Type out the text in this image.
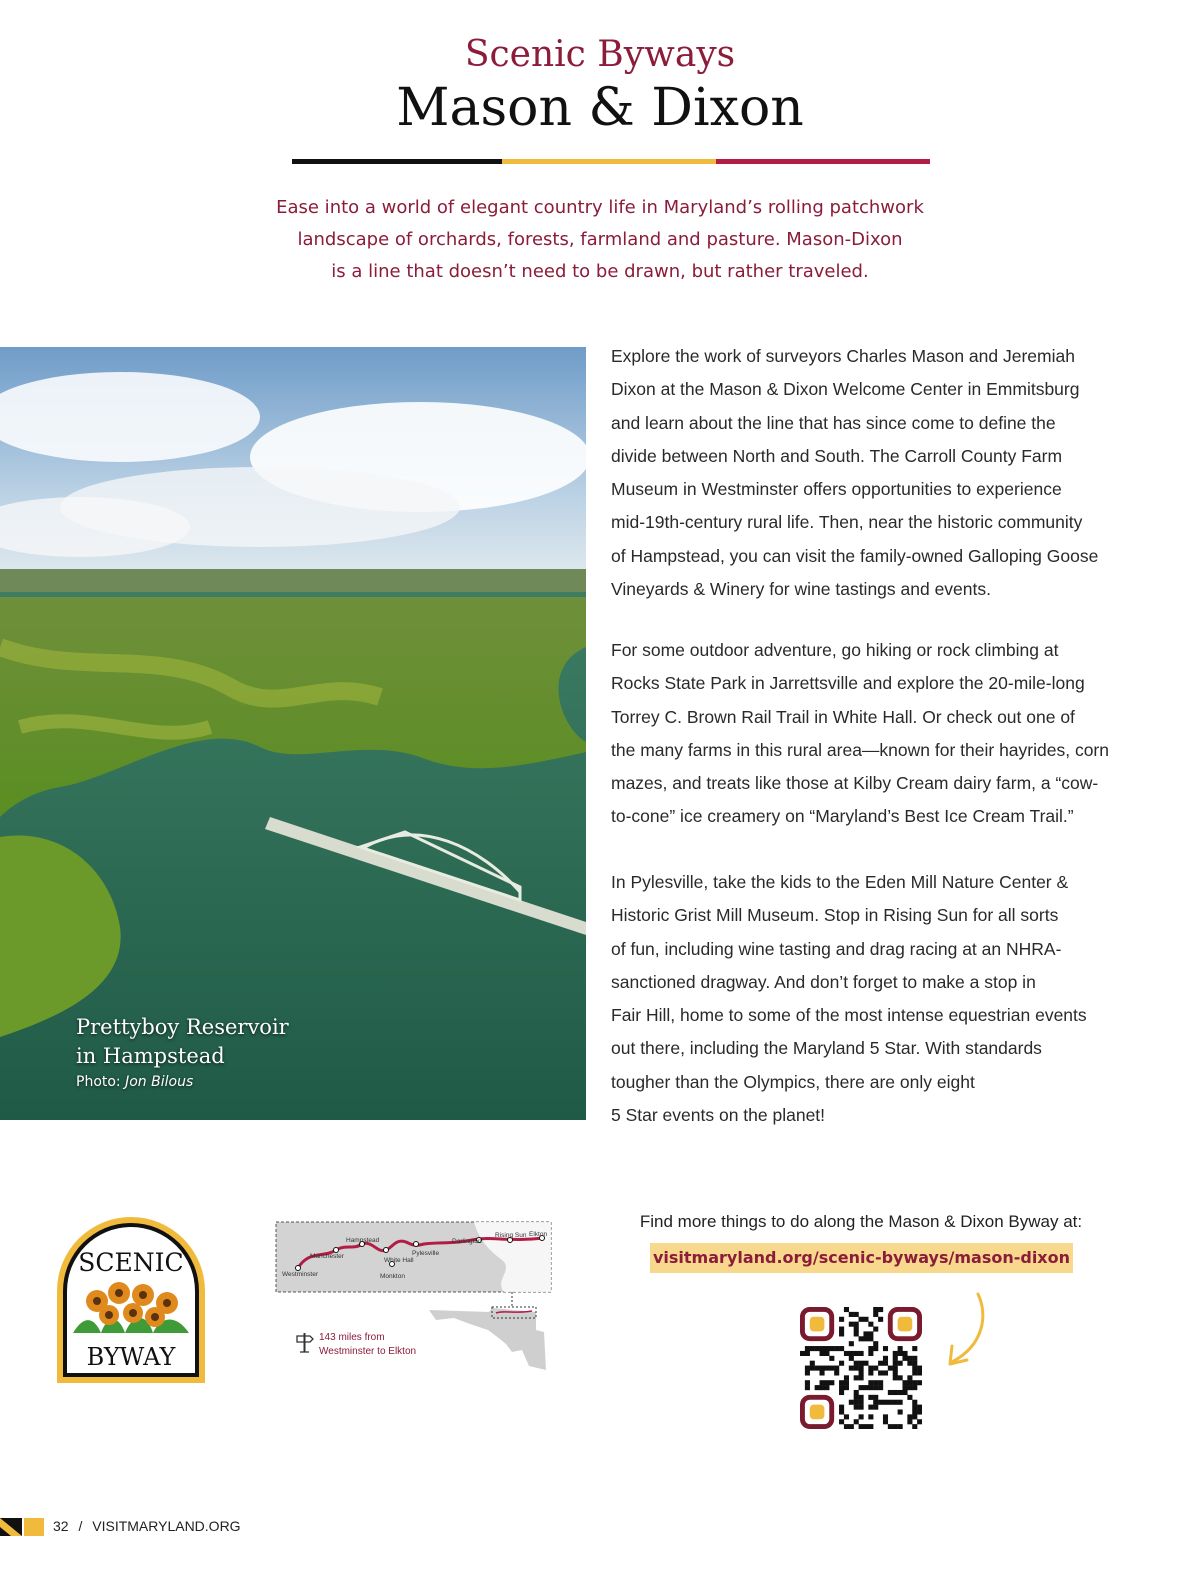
Scenic Byways
Mason & Dixon
Ease into a world of elegant country life in Maryland’s rolling patchwork
landscape of orchards, forests, farmland and pasture. Mason-Dixon
is a line that doesn’t need to be drawn, but rather traveled.
Prettyboy Reservoir
in Hampstead
Photo: Jon Bilous
Explore the work of surveyors Charles Mason and Jeremiah
Dixon at the Mason & Dixon Welcome Center in Emmitsburg
and learn about the line that has since come to define the
divide between North and South. The Carroll County Farm
Museum in Westminster offers opportunities to experience
mid-19th-century rural life. Then, near the historic community
of Hampstead, you can visit the family-owned Galloping Goose
Vineyards & Winery for wine tastings and events.
For some outdoor adventure, go hiking or rock climbing at
Rocks State Park in Jarrettsville and explore the 20-mile-long
Torrey C. Brown Rail Trail in White Hall. Or check out one of
the many farms in this rural area—known for their hayrides, corn
mazes, and treats like those at Kilby Cream dairy farm, a “cow-
to-cone” ice creamery on “Maryland’s Best Ice Cream Trail.”
In Pylesville, take the kids to the Eden Mill Nature Center &
Historic Grist Mill Museum. Stop in Rising Sun for all sorts
of fun, including wine tasting and drag racing at an NHRA-
sanctioned dragway. And don’t forget to make a stop in
Fair Hill, home to some of the most intense equestrian events
out there, including the Maryland 5 Star. With standards
tougher than the Olympics, there are only eight
5 Star events on the planet!
SCENIC
BYWAY
Hampstead
Manchester
Westminster
White Hall
Pylesville
Monkton
Darlington
Rising Sun Elkton
143 miles from
Westminster to Elkton
Find more things to do along the Mason & Dixon Byway at:
visitmaryland.org/scenic-byways/mason-dixon
32 / VISITMARYLAND.ORG
